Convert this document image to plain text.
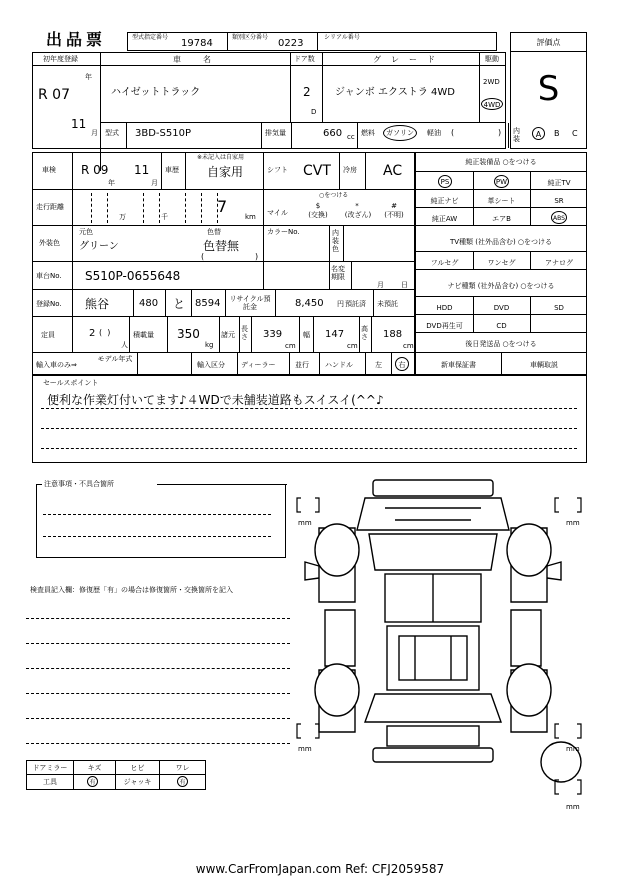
出品票	型式指定番号
19784
類別区分番号
0223
シリアル番号
評価点
S
初年度登録
年
R 07
11
月
車名
ハイゼットトラック
ドア数
2
D
グレード
ジャンボ エクストラ 4WD
駆動
2WD
4WD
型式 3BD-S510P	排気量	660 cc 燃料	ガソリン	軽油 (	) 内装	A	B C
車検 R 09
年
11
月
車歴
※未記入は自家用
自家用	シフト CVT 冷房 AC
走行距離
万	千
7
km
○をつける
マイル
$
(交換)
*
(改ざん)
#
(不明)
外装色
元色
グリーン
色替
色替無
(	)
カラーNo.	内装色
車台No. S510P-0655648	名変期限
月 日
登録No. 熊谷	480 と 8594	リサイクル預託金	8,450 円 預託済 未預託
定員	2 (  )
人
積載量 350
kg
諸元
長さ 339
cm
幅 147
cm
高さ 188
cm
輸入車のみ⇒
モデル年式
輸入区分 ディーラー	並行 ハンドル	左	右
純正装備品 ○をつける
PS	PW	純正TV
純正ナビ	革シート	SR
純正AW	エアB	ABS
TV種類 (社外品含む) ○をつける
フルセグ	ワンセグ	アナログ
ナビ種類 (社外品含む) ○をつける
HDD	DVD	SD
DVD再生可	CD
後日発送品 ○をつける
新車保証書	車輌取説
セールスポイント
便利な作業灯付いてます♪４WDで未舗装道路もスイスイ(^^♪
注意事項・不具合箇所
検査員記入欄：修復歴「有」の場合は修復箇所・交換箇所を記入
mm	mm
mm	mm
mm
ドアミラー	キズ	ヒビ	ワレ
工具	有	ジャッキ	有
www.CarFromJapan.com Ref: CFJ2059587
